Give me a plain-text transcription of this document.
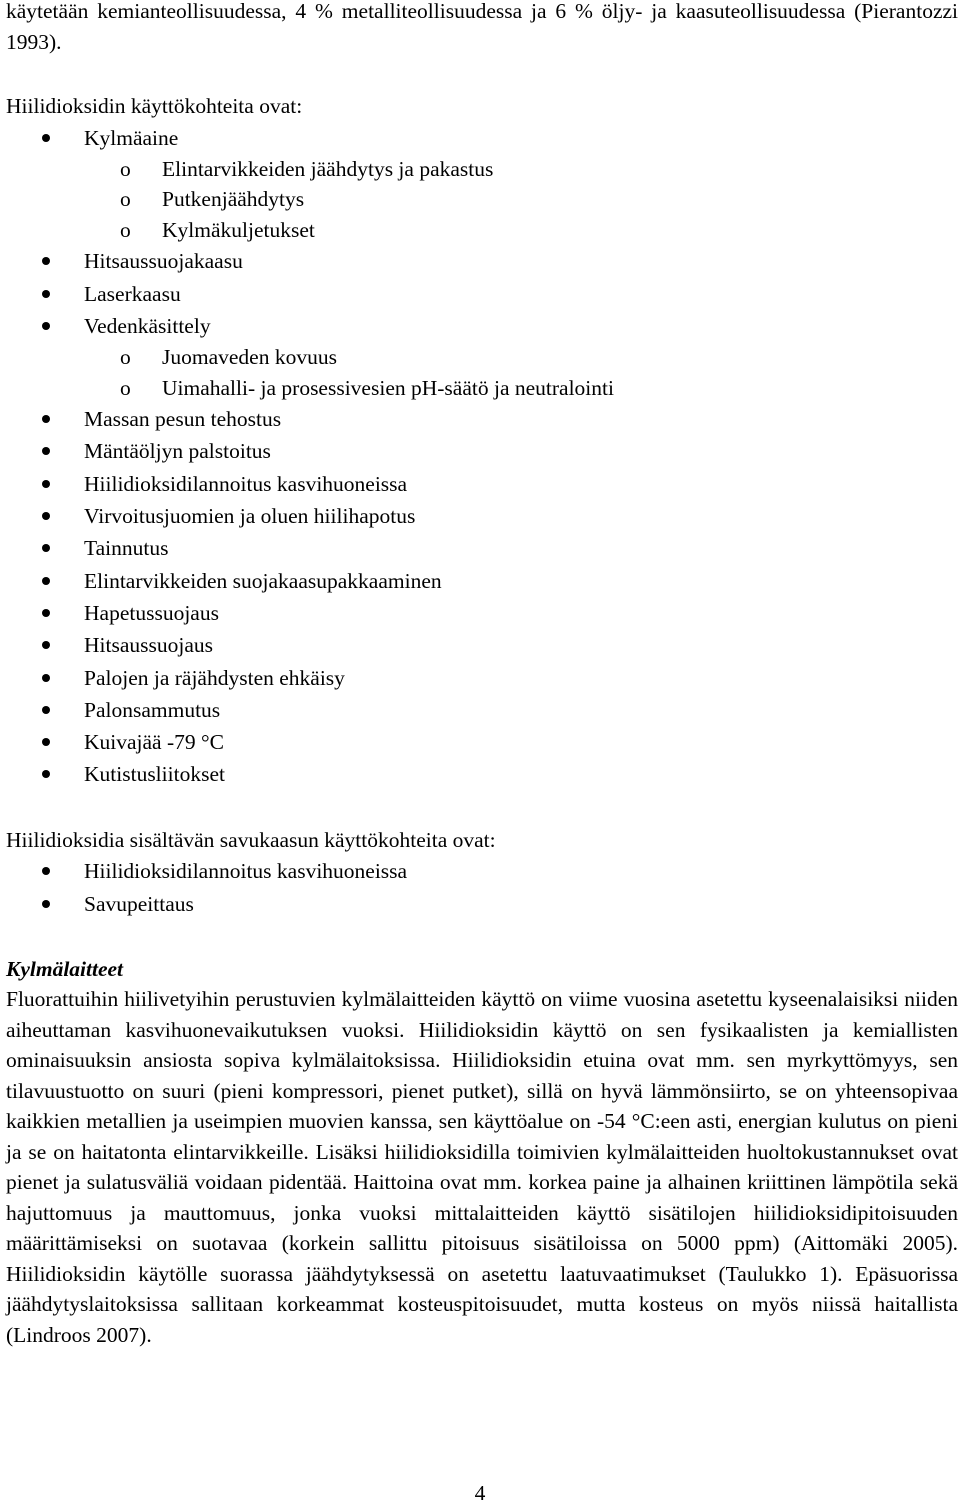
käytetään kemianteollisuudessa, 4 % metalliteollisuudessa ja 6 % öljy- ja kaasuteollisuudessa (Pierantozzi 1993).

Hiilidioksidin käyttökohteita ovat:

Kylmäaine
o Elintarvikkeiden jäähdytys ja pakastus
o Putkenjäähdytys
o Kylmäkuljetukset
Hitsaussuojakaasu
Laserkaasu
Vedenkäsittely
o Juomaveden kovuus
o Uimahalli- ja prosessivesien pH-säätö ja neutralointi
Massan pesun tehostus
Mäntäöljyn palstoitus
Hiilidioksidilannoitus kasvihuoneissa
Virvoitusjuomien ja oluen hiilihapotus
Tainnutus
Elintarvikkeiden suojakaasupakkaaminen
Hapetussuojaus
Hitsaussuojaus
Palojen ja räjähdysten ehkäisy
Palonsammutus
Kuivajää -79 °C
Kutistusliitokset

Hiilidioksidia sisältävän savukaasun käyttökohteita ovat:

Hiilidioksidilannoitus kasvihuoneissa
Savupeittaus

Kylmälaitteet

Fluorattuihin hiilivetyihin perustuvien kylmälaitteiden käyttö on viime vuosina asetettu kyseenalaisiksi niiden aiheuttaman kasvihuonevaikutuksen vuoksi. Hiilidioksidin käyttö on sen fysikaalisten ja kemiallisten ominaisuuksin ansiosta sopiva kylmälaitoksissa. Hiilidioksidin etuina ovat mm. sen myrkyttömyys, sen tilavuustuotto on suuri (pieni kompressori, pienet putket), sillä on hyvä lämmönsiirto, se on yhteensopivaa kaikkien metallien ja useimpien muovien kanssa, sen käyttöalue on -54 °C:een asti, energian kulutus on pieni ja se on haitatonta elintarvikkeille. Lisäksi hiilidioksidilla toimivien kylmälaitteiden huoltokustannukset ovat pienet ja sulatusväliä voidaan pidentää. Haittoina ovat mm. korkea paine ja alhainen kriittinen lämpötila sekä hajuttomuus ja mauttomuus, jonka vuoksi mittalaitteiden käyttö sisätilojen hiilidioksidipitoisuuden määrittämiseksi on suotavaa (korkein sallittu pitoisuus sisätiloissa on 5000 ppm) (Aittomäki 2005). Hiilidioksidin käytölle suorassa jäähdytyksessä on asetettu laatuvaatimukset (Taulukko 1). Epäsuorissa jäähdytyslaitoksissa sallitaan korkeammat kosteuspitoisuudet, mutta kosteus on myös niissä haitallista (Lindroos 2007).

4
